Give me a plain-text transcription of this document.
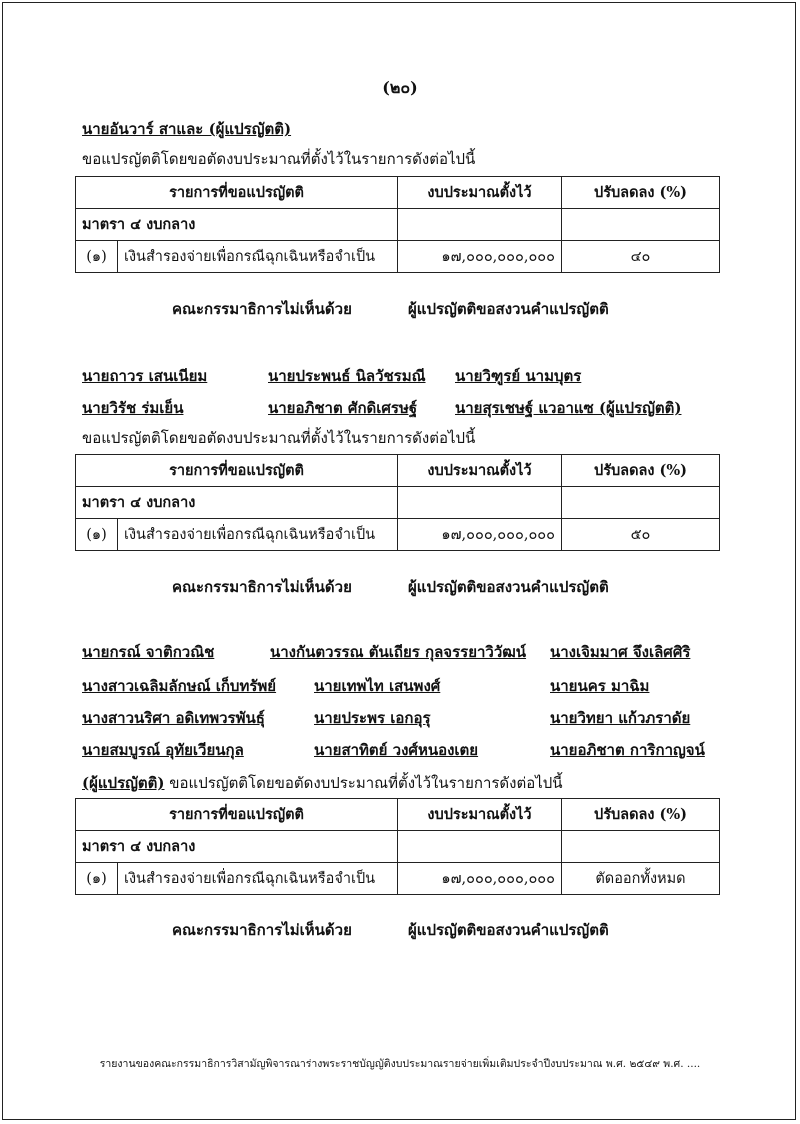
(๒๐)
นายอันวาร์ สาและ (ผู้แปรญัตติ)
ขอแปรญัตติโดยขอตัดงบประมาณที่ตั้งไว้ในรายการดังต่อไปนี้
รายการที่ขอแปรญัตติ		งบประมาณตั้งไว้	ปรับลดลง (%)
มาตรา ๔ งบกลาง			
(๑)	เงินสำรองจ่ายเพื่อกรณีฉุกเฉินหรือจำเป็น	๑๗,๐๐๐,๐๐๐,๐๐๐	๔๐
คณะกรรมาธิการไม่เห็นด้วย	ผู้แปรญัตติขอสงวนคำแปรญัตติ
นายถาวร เสนเนียม	นายประพนธ์ นิลวัชรมณี นายวิฑูรย์ นามบุตร
นายวิรัช ร่มเย็น	นายอภิชาต ศักดิเศรษฐ์	นายสุรเชษฐ์ แวอาแซ (ผู้แปรญัตติ)
ขอแปรญัตติโดยขอตัดงบประมาณที่ตั้งไว้ในรายการดังต่อไปนี้
รายการที่ขอแปรญัตติ		งบประมาณตั้งไว้	ปรับลดลง (%)
มาตรา ๔ งบกลาง			
(๑)	เงินสำรองจ่ายเพื่อกรณีฉุกเฉินหรือจำเป็น	๑๗,๐๐๐,๐๐๐,๐๐๐	๕๐
คณะกรรมาธิการไม่เห็นด้วย	ผู้แปรญัตติขอสงวนคำแปรญัตติ
นายกรณ์ จาติกวณิช	นางกันตวรรณ ตันเถียร กุลจรรยาวิวัฒน์ นางเจิมมาศ จึงเลิศศิริ
นางสาวเฉลิมลักษณ์ เก็บทรัพย์	นายเทพไท เสนพงศ์	นายนคร มาฉิม
นางสาวนริศา อดิเทพวรพันธุ์	นายประพร เอกอุรุ	นายวิทยา แก้วภราดัย
นายสมบูรณ์ อุทัยเวียนกุล	นายสาทิตย์ วงศ์หนองเตย	นายอภิชาต การิกาญจน์
(ผู้แปรญัตติ) ขอแปรญัตติโดยขอตัดงบประมาณที่ตั้งไว้ในรายการดังต่อไปนี้
รายการที่ขอแปรญัตติ		งบประมาณตั้งไว้	ปรับลดลง (%)
มาตรา ๔ งบกลาง			
(๑)	เงินสำรองจ่ายเพื่อกรณีฉุกเฉินหรือจำเป็น	๑๗,๐๐๐,๐๐๐,๐๐๐	ตัดออกทั้งหมด
คณะกรรมาธิการไม่เห็นด้วย	ผู้แปรญัตติขอสงวนคำแปรญัตติ
รายงานของคณะกรรมาธิการวิสามัญพิจารณาร่างพระราชบัญญัติงบประมาณรายจ่ายเพิ่มเติมประจำปีงบประมาณ พ.ศ. ๒๕๔๙ พ.ศ. ....
